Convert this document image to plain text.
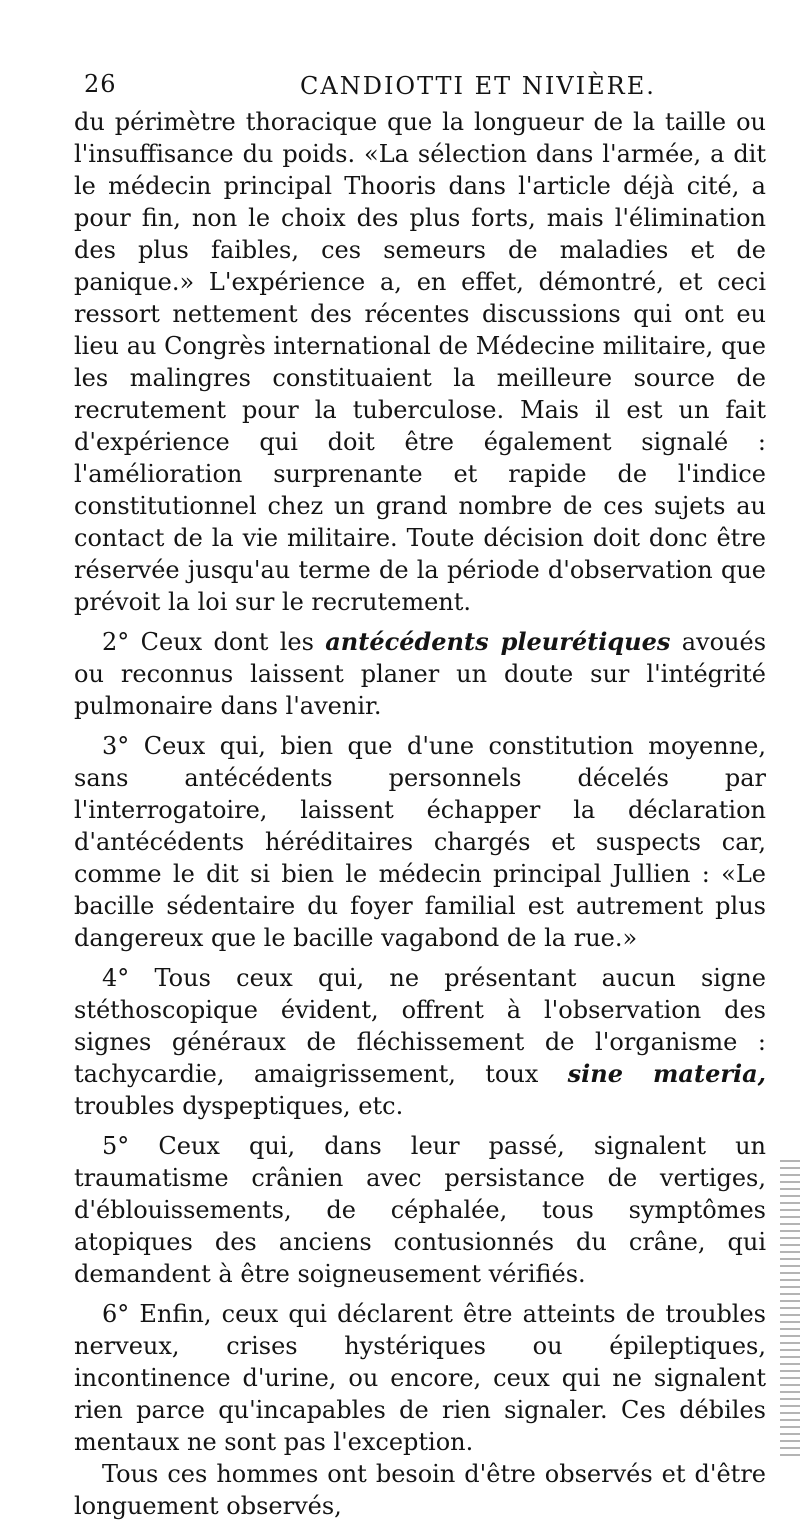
26	CANDIOTTI ET NIVIÈRE.

du périmètre thoracique que la longueur de la taille ou l'insuffisance du poids. «La sélection dans l'armée, a dit le médecin principal Thooris dans l'article déjà cité, a pour fin, non le choix des plus forts, mais l'élimination des plus faibles, ces semeurs de maladies et de panique.» L'expérience a, en effet, démontré, et ceci ressort nettement des récentes discussions qui ont eu lieu au Congrès international de Médecine militaire, que les malingres constituaient la meilleure source de recrutement pour la tuberculose. Mais il est un fait d'expérience qui doit être également signalé : l'amélioration surprenante et rapide de l'indice constitutionnel chez un grand nombre de ces sujets au contact de la vie militaire. Toute décision doit donc être réservée jusqu'au terme de la période d'observation que prévoit la loi sur le recrutement.

2° Ceux dont les antécédents pleurétiques avoués ou reconnus laissent planer un doute sur l'intégrité pulmonaire dans l'avenir.

3° Ceux qui, bien que d'une constitution moyenne, sans antécédents personnels décelés par l'interrogatoire, laissent échapper la déclaration d'antécédents héréditaires chargés et suspects car, comme le dit si bien le médecin principal Jullien : «Le bacille sédentaire du foyer familial est autrement plus dangereux que le bacille vagabond de la rue.»

4° Tous ceux qui, ne présentant aucun signe stéthoscopique évident, offrent à l'observation des signes généraux de fléchissement de l'organisme : tachycardie, amaigrissement, toux sine materia, troubles dyspeptiques, etc.

5° Ceux qui, dans leur passé, signalent un traumatisme crânien avec persistance de vertiges, d'éblouissements, de céphalée, tous symptômes atopiques des anciens contusionnés du crâne, qui demandent à être soigneusement vérifiés.

6° Enfin, ceux qui déclarent être atteints de troubles nerveux, crises hystériques ou épileptiques, incontinence d'urine, ou encore, ceux qui ne signalent rien parce qu'incapables de rien signaler. Ces débiles mentaux ne sont pas l'exception.

Tous ces hommes ont besoin d'être observés et d'être longuement observés,
